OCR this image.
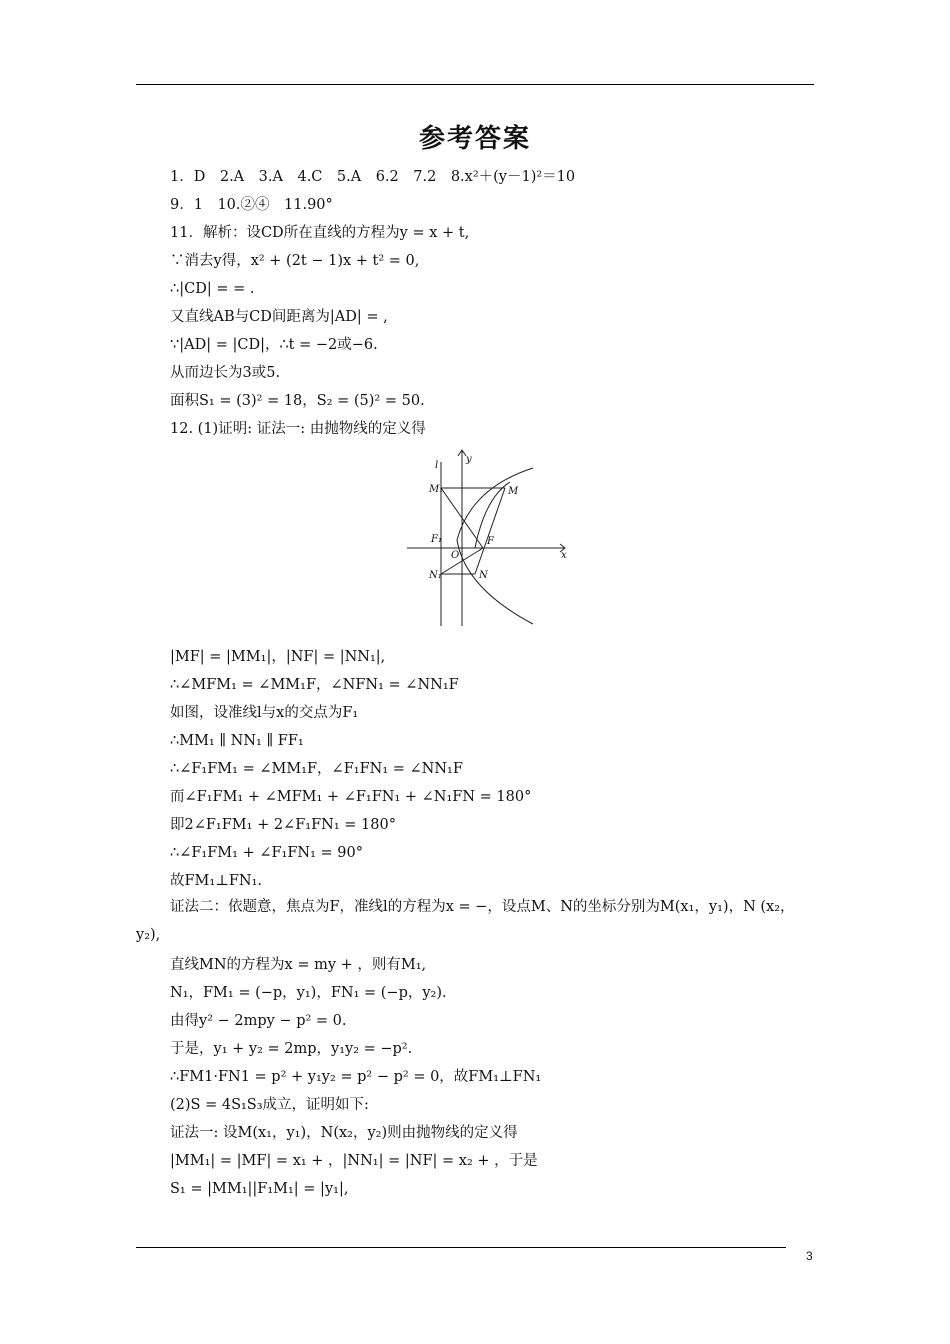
参考答案
1．D　2.A　3.A　4.C　5.A　6.2　7.2　8.x²＋(y－1)²＝10
9．1　10.②④　11.90°
11．解析：设CD所在直线的方程为y = x + t,
∵消去y得，x² + (2t − 1)x + t² = 0,
∴|CD| = = .
又直线AB与CD间距离为|AD| = ,
∵|AD| = |CD|，∴t = −2或−6.
从而边长为3或5.
面积S₁ = (3)² = 18，S₂ = (5)² = 50.
12. (1)证明: 证法一: 由抛物线的定义得
l
y
x
M₁	M
F₁
O
F
N₁	N
|MF| = |MM₁|，|NF| = |NN₁|,
∴∠MFM₁ = ∠MM₁F，∠NFN₁ = ∠NN₁F
如图，设准线l与x的交点为F₁
∴MM₁ ∥ NN₁ ∥ FF₁
∴∠F₁FM₁ = ∠MM₁F，∠F₁FN₁ = ∠NN₁F
而∠F₁FM₁ + ∠MFM₁ + ∠F₁FN₁ + ∠N₁FN = 180°
即2∠F₁FM₁ + 2∠F₁FN₁ = 180°
∴∠F₁FM₁ + ∠F₁FN₁ = 90°
故FM₁⊥FN₁.
证法二：依题意，焦点为F，准线l的方程为x = −，设点M、N的坐标分别为M(x₁，y₁)，N (x₂，y₂),
直线MN的方程为x = my + ，则有M₁,
N₁，FM₁ = (−p，y₁)，FN₁ = (−p，y₂).
由得y² − 2mpy − p² = 0.
于是，y₁ + y₂ = 2mp，y₁y₂ = −p².
∴FM1·FN1 = p² + y₁y₂ = p² − p² = 0，故FM₁⊥FN₁
(2)S = 4S₁S₃成立，证明如下:
证法一: 设M(x₁，y₁)，N(x₂，y₂)则由抛物线的定义得
|MM₁| = |MF| = x₁ + ，|NN₁| = |NF| = x₂ + ，于是
S₁ = |MM₁||F₁M₁| = |y₁|,
3
